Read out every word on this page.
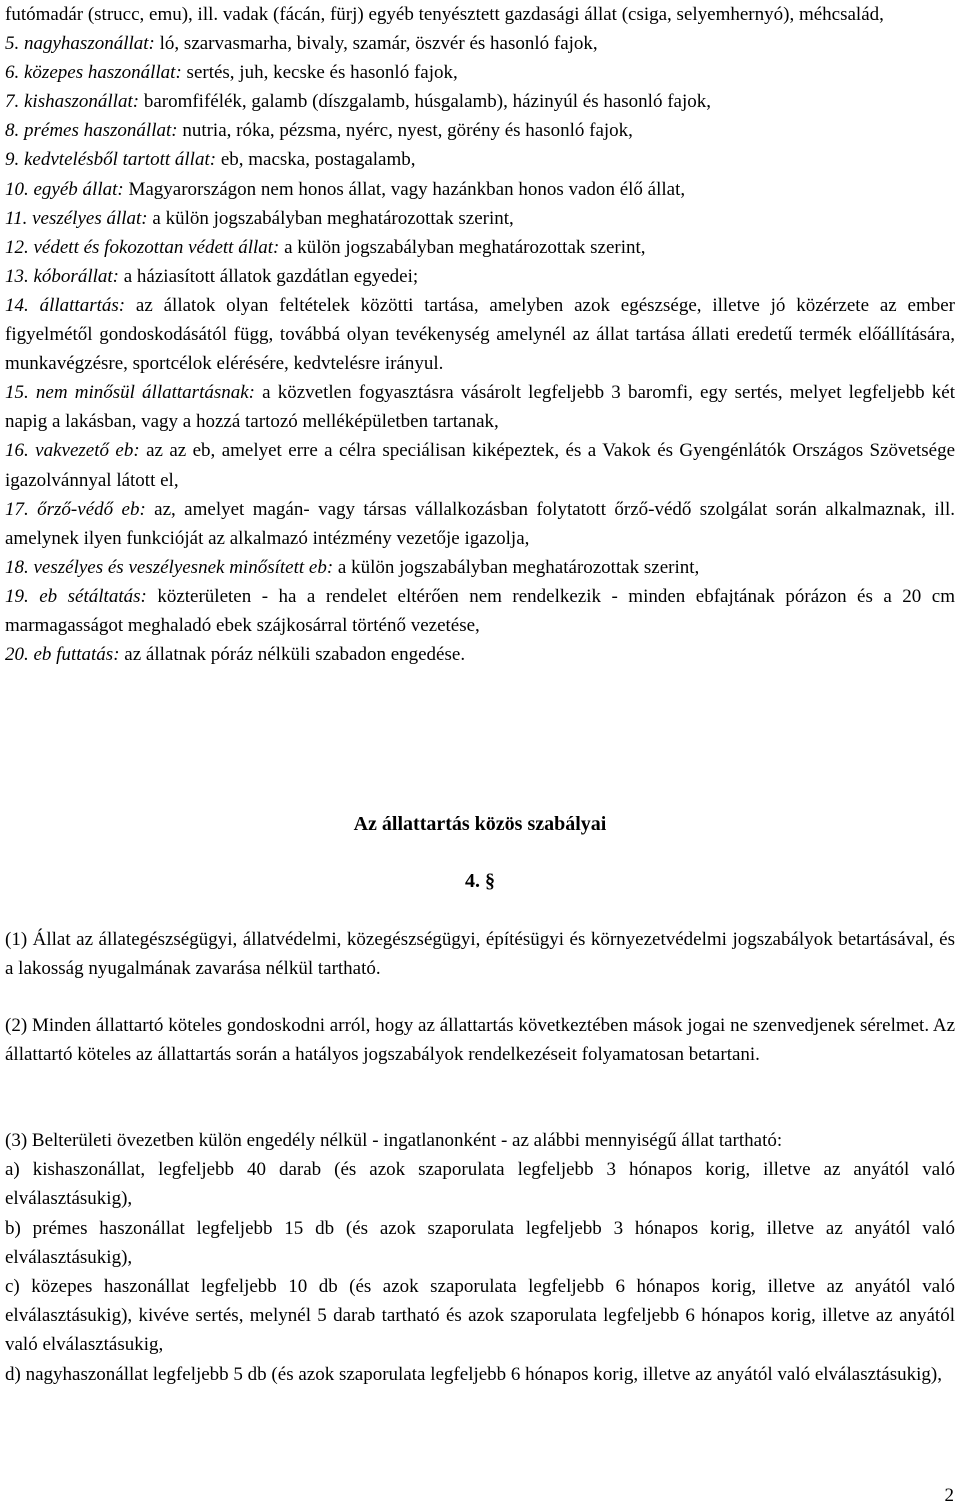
futómadár (strucc, emu), ill. vadak (fácán, fürj) egyéb tenyésztett gazdasági állat (csiga, selyemhernyó), méhcsalád,

5. nagyhaszonállat: ló, szarvasmarha, bivaly, szamár, öszvér és hasonló fajok,

6. közepes haszonállat: sertés, juh, kecske és hasonló fajok,

7. kishaszonállat: baromfifélék, galamb (díszgalamb, húsgalamb), házinyúl és hasonló fajok,

8. prémes haszonállat: nutria, róka, pézsma, nyérc, nyest, görény és hasonló fajok,

9. kedvtelésből tartott állat: eb, macska, postagalamb,

10. egyéb állat: Magyarországon nem honos állat, vagy hazánkban honos vadon élő állat,

11. veszélyes állat: a külön jogszabályban meghatározottak szerint,

12. védett és fokozottan védett állat: a külön jogszabályban meghatározottak szerint,

13. kóborállat: a háziasított állatok gazdátlan egyedei;

14. állattartás: az állatok olyan feltételek közötti tartása, amelyben azok egészsége, illetve jó közérzete az ember figyelmétől gondoskodásától függ, továbbá olyan tevékenység amelynél az állat tartása állati eredetű termék előállítására, munkavégzésre, sportcélok elérésére, kedvtelésre irányul.

15. nem minősül állattartásnak: a közvetlen fogyasztásra vásárolt legfeljebb 3 baromfi, egy sertés, melyet legfeljebb két napig a lakásban, vagy a hozzá tartozó melléképületben tartanak,

16. vakvezető eb: az az eb, amelyet erre a célra speciálisan kiképeztek, és a Vakok és Gyengénlátók Országos Szövetsége igazolvánnyal látott el,

17. őrző-védő eb: az, amelyet magán- vagy társas vállalkozásban folytatott őrző-védő szolgálat során alkalmaznak, ill. amelynek ilyen funkcióját az alkalmazó intézmény vezetője igazolja,

18. veszélyes és veszélyesnek minősített eb: a külön jogszabályban meghatározottak szerint,

19. eb sétáltatás: közterületen - ha a rendelet eltérően nem rendelkezik - minden ebfajtának pórázon és a 20 cm marmagasságot meghaladó ebek szájkosárral történő vezetése,

20. eb futtatás: az állatnak póráz nélküli szabadon engedése.

Az állattartás közös szabályai
4. §

(1) Állat az állategészségügyi, állatvédelmi, közegészségügyi, építésügyi és környezetvédelmi jogszabályok betartásával, és a lakosság nyugalmának zavarása nélkül tartható.

(2) Minden állattartó köteles gondoskodni arról, hogy az állattartás következtében mások jogai ne szenvedjenek sérelmet. Az állattartó köteles az állattartás során a hatályos jogszabályok rendelkezéseit folyamatosan betartani.

(3) Belterületi övezetben külön engedély nélkül - ingatlanonként - az alábbi mennyiségű állat tartható:
a) kishaszonállat, legfeljebb 40 darab (és azok szaporulata legfeljebb 3 hónapos korig, illetve az anyától való elválasztásukig),
b) prémes haszonállat legfeljebb 15 db (és azok szaporulata legfeljebb 3 hónapos korig, illetve az anyától való elválasztásukig),
c) közepes haszonállat legfeljebb 10 db (és azok szaporulata legfeljebb 6 hónapos korig, illetve az anyától való elválasztásukig), kivéve sertés, melynél 5 darab tartható és azok szaporulata legfeljebb 6 hónapos korig, illetve az anyától való elválasztásukig,
d) nagyhaszonállat legfeljebb 5 db (és azok szaporulata legfeljebb 6 hónapos korig, illetve az anyától való elválasztásukig),
2
